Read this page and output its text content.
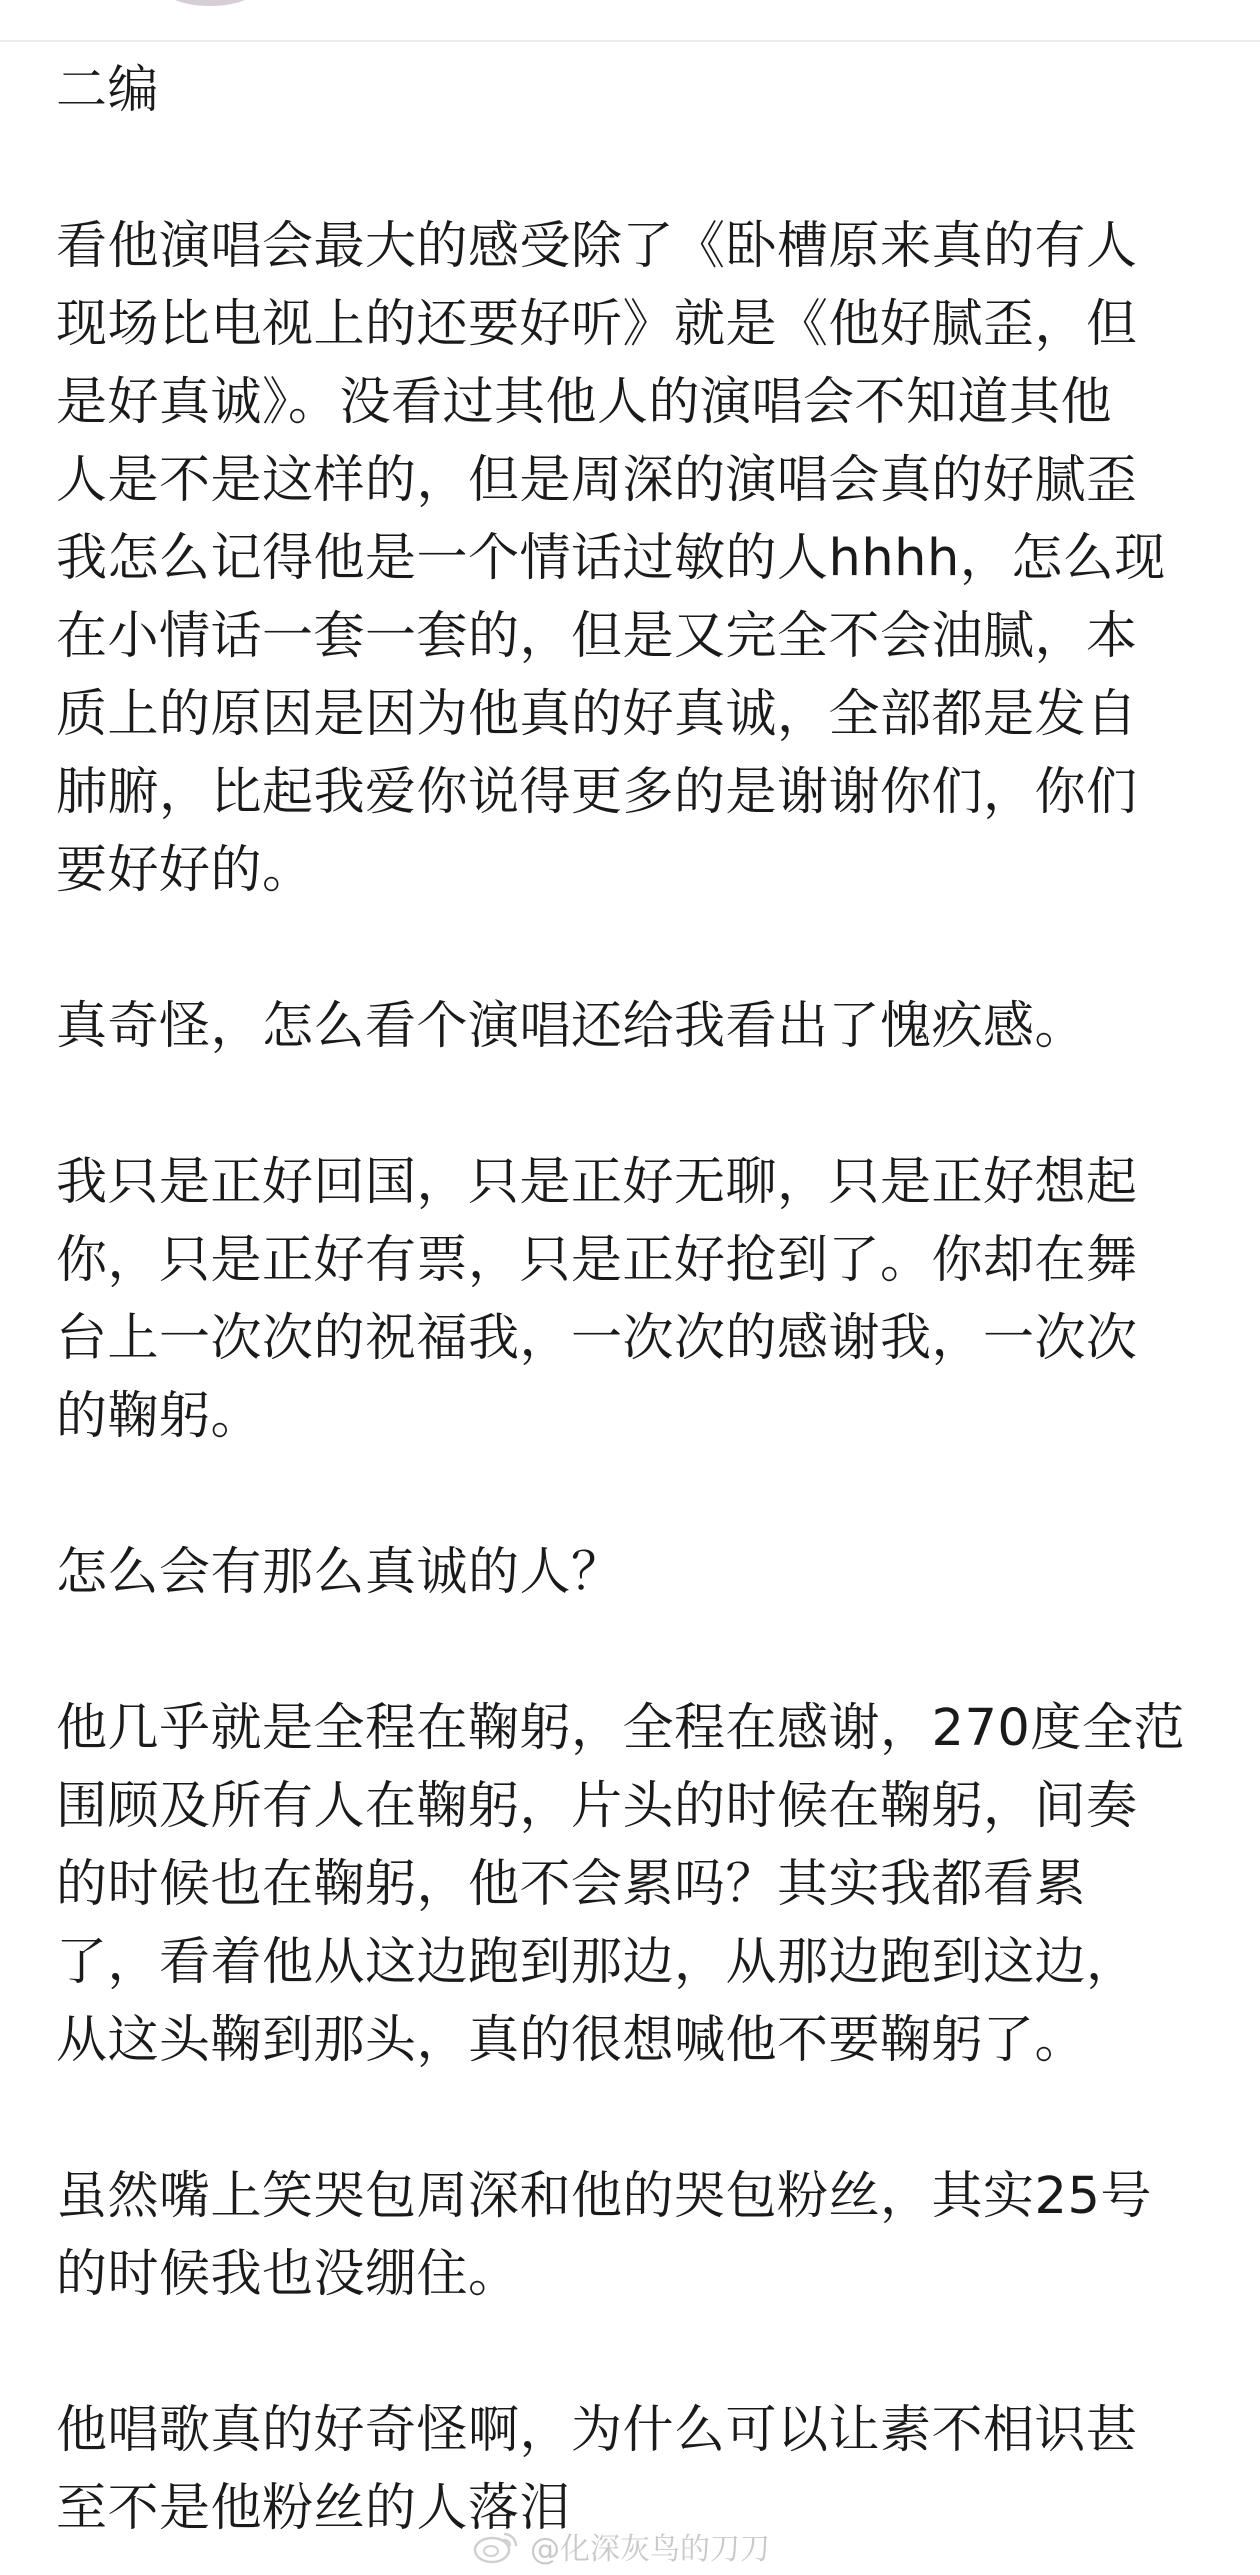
二编

看他演唱会最大的感受除了《卧槽原来真的有人
现场比电视上的还要好听》就是《他好腻歪，但
是好真诚》。没看过其他人的演唱会不知道其他
人是不是这样的，但是周深的演唱会真的好腻歪
我怎么记得他是一个情话过敏的人hhhh，怎么现
在小情话一套一套的，但是又完全不会油腻，本
质上的原因是因为他真的好真诚，全部都是发自
肺腑，比起我爱你说得更多的是谢谢你们，你们
要好好的。

真奇怪，怎么看个演唱还给我看出了愧疚感。

我只是正好回国，只是正好无聊，只是正好想起
你，只是正好有票，只是正好抢到了。你却在舞
台上一次次的祝福我，一次次的感谢我，一次次
的鞠躬。

怎么会有那么真诚的人？

他几乎就是全程在鞠躬，全程在感谢，270度全范
围顾及所有人在鞠躬，片头的时候在鞠躬，间奏
的时候也在鞠躬，他不会累吗？其实我都看累
了，看着他从这边跑到那边，从那边跑到这边，
从这头鞠到那头，真的很想喊他不要鞠躬了。

虽然嘴上笑哭包周深和他的哭包粉丝，其实25号
的时候我也没绷住。

他唱歌真的好奇怪啊，为什么可以让素不相识甚
至不是他粉丝的人落泪

@化深灰鸟的刀刀
